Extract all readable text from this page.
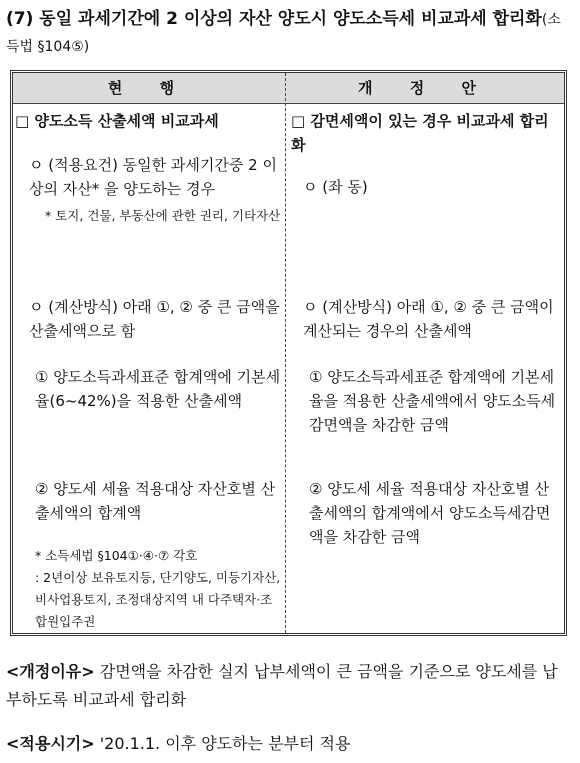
(7) 동일 과세기간에 2 이상의 자산 양도시 양도소득세 비교과세 합리화(소득법 §104⑤)
현 행	개 정 안
□ 양도소득 산출세액 비교과세
ㅇ (적용요건) 동일한 과세기간중 2 이상의 자산* 을 양도하는 경우
* 토지, 건물, 부동산에 관한 권리, 기타자산
ㅇ (계산방식) 아래 ①, ② 중 큰 금액을 산출세액으로 함
① 양도소득과세표준 합계액에 기본세율(6~42%)을 적용한 산출세액
② 양도세 세율 적용대상 자산호별 산출세액의 합계액
* 소득세법 §104①·④·⑦ 각호
: 2년이상 보유토지등, 단기양도, 미등기자산, 비사업용토지, 조정대상지역 내 다주택자·조합원입주권
□ 감면세액이 있는 경우 비교과세 합리화
ㅇ (좌 동)
ㅇ (계산방식) 아래 ①, ② 중 큰 금액이 계산되는 경우의 산출세액
① 양도소득과세표준 합계액에 기본세율을 적용한 산출세액에서 양도소득세감면액을 차감한 금액
② 양도세 세율 적용대상 자산호별 산출세액의 합계액에서 양도소득세감면액을 차감한 금액
<개정이유> 감면액을 차감한 실지 납부세액이 큰 금액을 기준으로 양도세를 납부하도록 비교과세 합리화
<적용시기> '20.1.1. 이후 양도하는 분부터 적용
